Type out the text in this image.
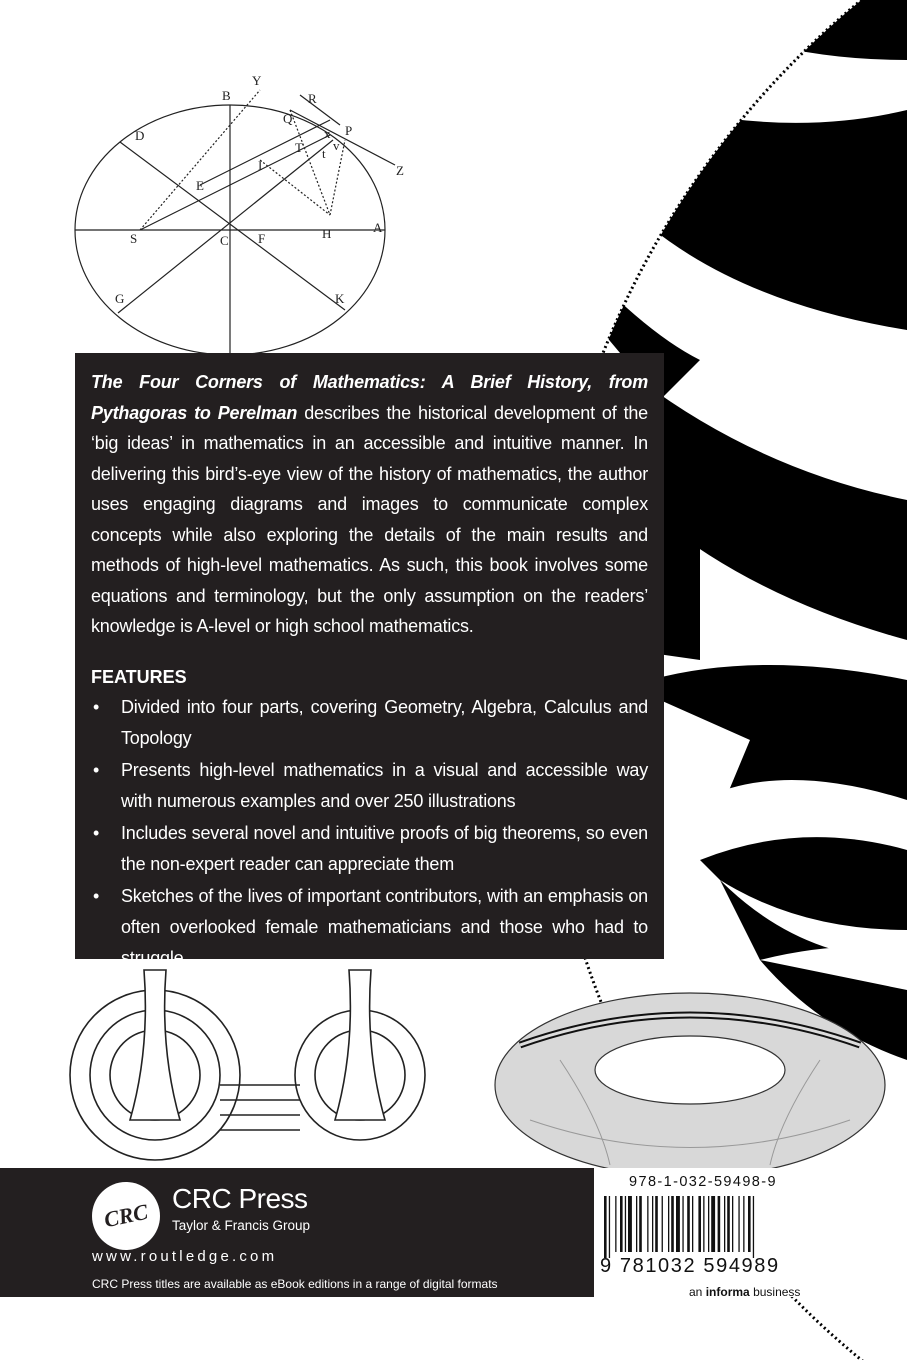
Y
B	R
Q
x P
D
T t
v
Z
I
E
S	C F	H	A
G	K

The Four Corners of Mathematics: A Brief History, from Pythagoras to Perelman describes the historical development of the ‘big ideas’ in mathematics in an accessible and intuitive manner. In delivering this bird’s-eye view of the history of mathematics, the author uses engaging diagrams and images to communicate complex concepts while also exploring the details of the main results and methods of high-level mathematics. As such, this book involves some equations and terminology, but the only assumption on the readers’ knowledge is A-level or high school mathematics.

FEATURES
• Divided into four parts, covering Geometry, Algebra, Calculus and Topology
• Presents high-level mathematics in a visual and accessible way with numerous examples and over 250 illustrations
• Includes several novel and intuitive proofs of big theorems, so even the non-expert reader can appreciate them
• Sketches of the lives of important contributors, with an emphasis on often overlooked female mathematicians and those who had to struggle.
CRC
CRC Press
Taylor & Francis Group
www.routledge.com
CRC Press titles are available as eBook editions in a range of digital formats
978-1-032-59498-9
9 781032 594989
an informa business
